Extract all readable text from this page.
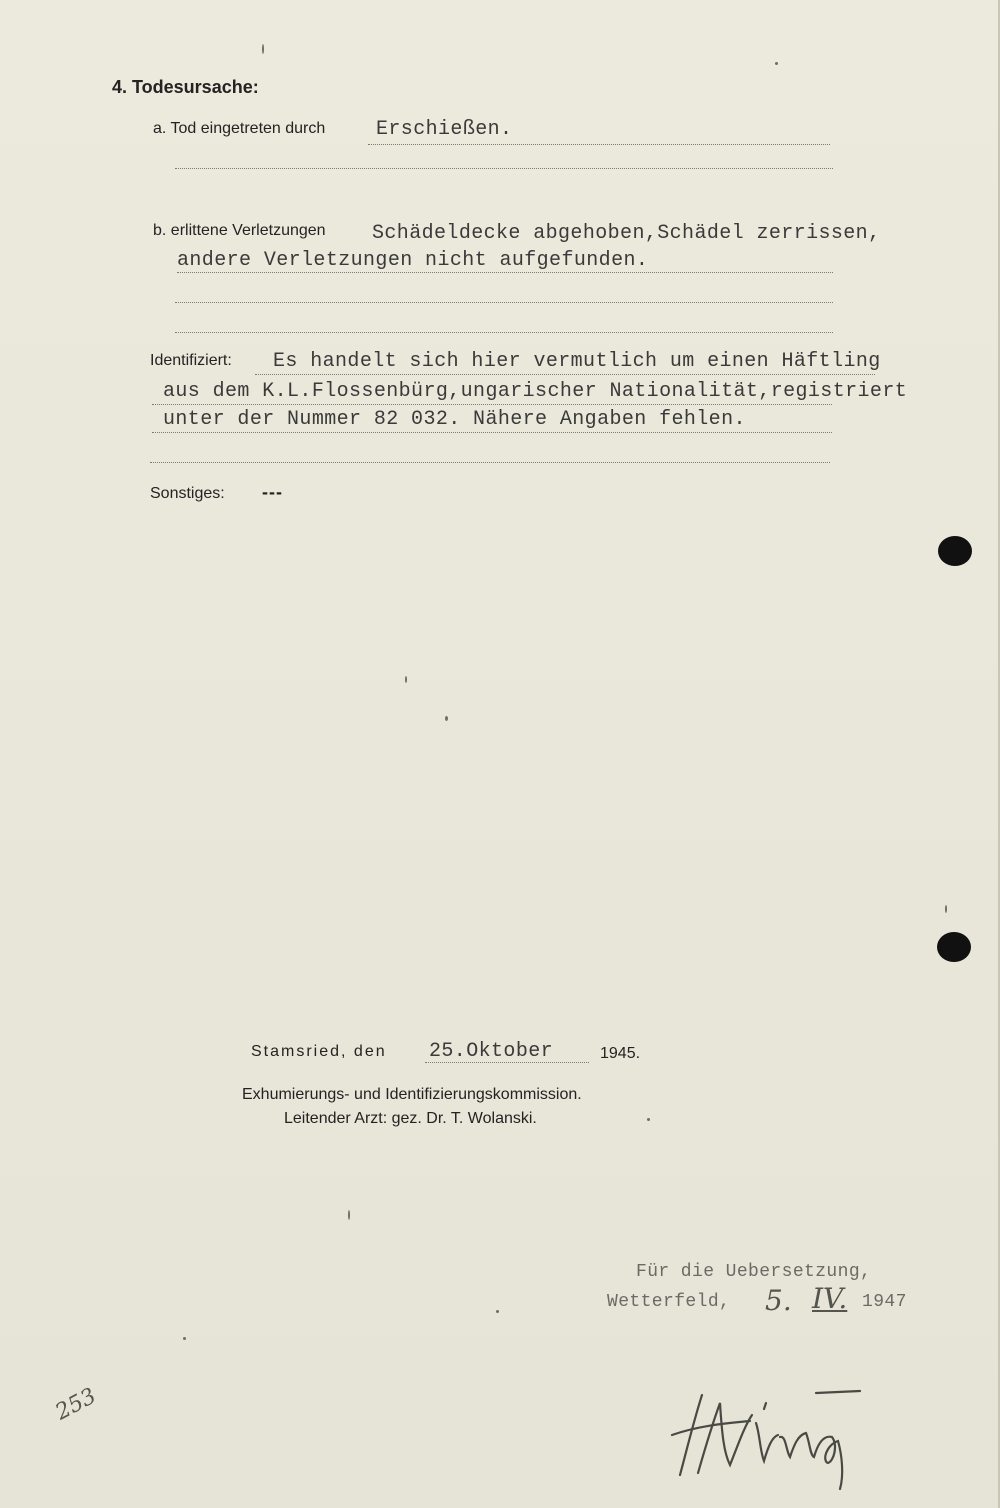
4. Todesursache:
a. Tod eingetreten durch	Erschießen.
b. erlittene Verletzungen Schädeldecke abgehoben,Schädel zerrissen,
andere Verletzungen nicht aufgefunden.
Identifiziert: Es handelt sich hier vermutlich um einen Häftling
aus dem K.L.Flossenbürg,ungarischer Nationalität,registriert
unter der Nummer 82 032. Nähere Angaben fehlen.
Sonstiges: ---
Stamsried, den 25.Oktober	1945.
Exhumierungs- und Identifizierungskommission.
Leitender Arzt: gez. Dr. T. Wolanski.
Für die Uebersetzung,
Wetterfeld, 5. IV. 1947
253
